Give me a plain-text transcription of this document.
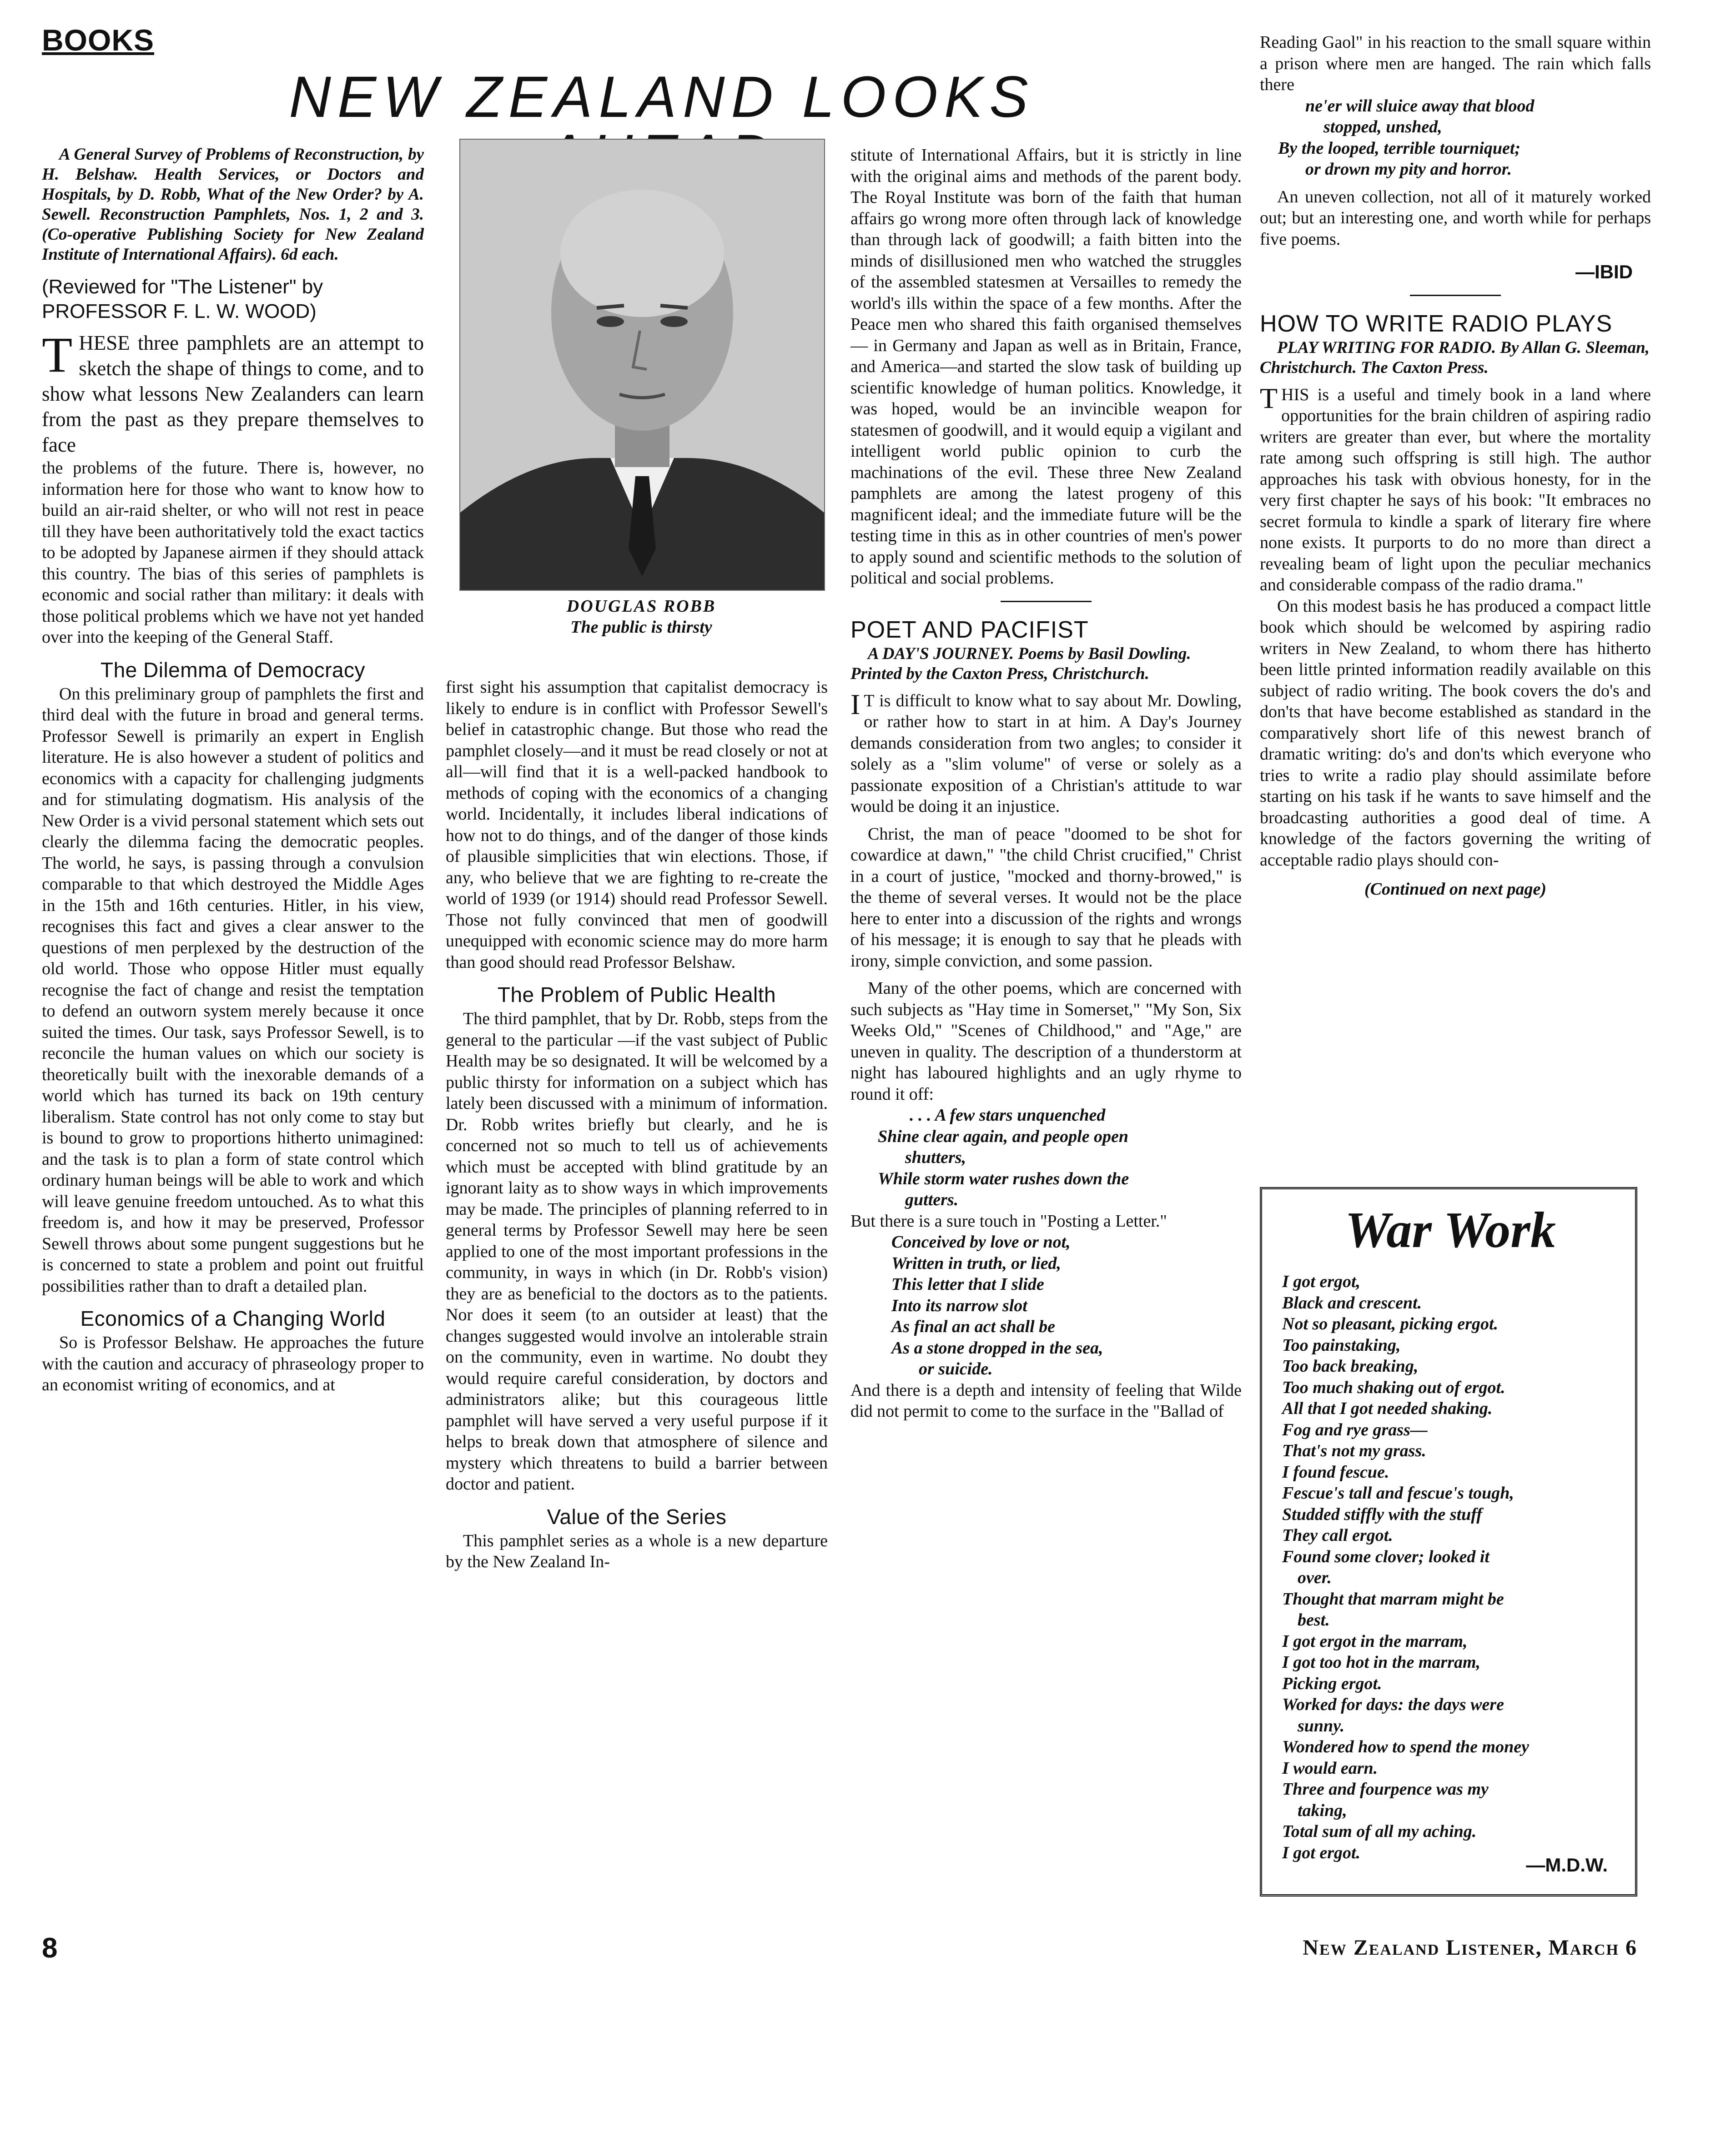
BOOKS
NEW ZEALAND LOOKS

A General Survey of Problems of Reconstruction, by H. Belshaw. Health Services, or Doctors and Hospitals, by D. Robb, What of the New Order? by A. Sewell. Reconstruction Pamphlets, Nos. 1, 2 and 3. (Co-operative Publishing Society for New Zealand Institute of International Affairs). 6d each.

(Reviewed for "The Listener" by PROFESSOR F. L. W. WOOD)

THESE three pamphlets are an attempt to sketch the shape of things to come, and to show what lessons New Zealanders can learn from the past as they prepare themselves to face

the problems of the future. There is, however, no information here for those who want to know how to build an air-raid shelter, or who will not rest in peace till they have been authoritatively told the exact tactics to be adopted by Japanese airmen if they should attack this country. The bias of this series of pamphlets is economic and social rather than military: it deals with those political problems which we have not yet handed over into the keeping of the General Staff.

The Dilemma of Democracy

On this preliminary group of pamphlets the first and third deal with the future in broad and general terms. Professor Sewell is primarily an expert in English literature. He is also however a student of politics and economics with a capacity for challenging judgments and for stimulating dogmatism. His analysis of the New Order is a vivid personal statement which sets out clearly the dilemma facing the democratic peoples. The world, he says, is passing through a convulsion comparable to that which destroyed the Middle Ages in the 15th and 16th centuries. Hitler, in his view, recognises this fact and gives a clear answer to the questions of men perplexed by the destruction of the old world. Those who oppose Hitler must equally recognise the fact of change and resist the temptation to defend an outworn system merely because it once suited the times. Our task, says Professor Sewell, is to reconcile the human values on which our society is theoretically built with the inexorable demands of a world which has turned its back on 19th century liberalism. State control has not only come to stay but is bound to grow to proportions hitherto unimagined: and the task is to plan a form of state control which ordinary human beings will be able to work and which will leave genuine freedom untouched. As to what this freedom is, and how it may be preserved, Professor Sewell throws about some pungent suggestions but he is concerned to state a problem and point out fruitful possibilities rather than to draft a detailed plan.

Economics of a Changing World

So is Professor Belshaw. He approaches the future with the caution and accuracy of phraseology proper to an economist writing of economics, and at

DOUGLAS ROBB
The public is thirsty

first sight his assumption that capitalist democracy is likely to endure is in conflict with Professor Sewell's belief in catastrophic change. But those who read the pamphlet closely—and it must be read closely or not at all—will find that it is a well-packed handbook to methods of coping with the economics of a changing world. Incidentally, it includes liberal indications of how not to do things, and of the danger of those kinds of plausible simplicities that win elections. Those, if any, who believe that we are fighting to re-create the world of 1939 (or 1914) should read Professor Sewell. Those not fully convinced that men of goodwill unequipped with economic science may do more harm than good should read Professor Belshaw.

The Problem of Public Health

The third pamphlet, that by Dr. Robb, steps from the general to the particular —if the vast subject of Public Health may be so designated. It will be welcomed by a public thirsty for information on a subject which has lately been discussed with a minimum of information. Dr. Robb writes briefly but clearly, and he is concerned not so much to tell us of achievements which must be accepted with blind gratitude by an ignorant laity as to show ways in which improvements may be made. The principles of planning referred to in general terms by Professor Sewell may here be seen applied to one of the most important professions in the community, in ways in which (in Dr. Robb's vision) they are as beneficial to the doctors as to the patients. Nor does it seem (to an outsider at least) that the changes suggested would involve an intolerable strain on the community, even in wartime. No doubt they would require careful consideration, by doctors and administrators alike; but this courageous little pamphlet will have served a very useful purpose if it helps to break down that atmosphere of silence and mystery which threatens to build a barrier between doctor and patient.

Value of the Series

This pamphlet series as a whole is a new departure by the New Zealand In-

stitute of International Affairs, but it is strictly in line with the original aims and methods of the parent body. The Royal Institute was born of the faith that human affairs go wrong more often through lack of knowledge than through lack of goodwill; a faith bitten into the minds of disillusioned men who watched the struggles of the assembled statesmen at Versailles to remedy the world's ills within the space of a few months. After the Peace men who shared this faith organised themselves — in Germany and Japan as well as in Britain, France, and America—and started the slow task of building up scientific knowledge of human politics. Knowledge, it was hoped, would be an invincible weapon for statesmen of goodwill, and it would equip a vigilant and intelligent world public opinion to curb the machinations of the evil. These three New Zealand pamphlets are among the latest progeny of this magnificent ideal; and the immediate future will be the testing time in this as in other countries of men's power to apply sound and scientific methods to the solution of political and social problems.

POET AND PACIFIST

A DAY'S JOURNEY. Poems by Basil Dowling. Printed by the Caxton Press, Christchurch.

I T is difficult to know what to say about Mr. Dowling, or rather how to start in at him. A Day's Journey demands consideration from two angles; to consider it solely as a "slim volume" of verse or solely as a passionate exposition of a Christian's attitude to war would be doing it an injustice.

Christ, the man of peace "doomed to be shot for cowardice at dawn," "the child Christ crucified," Christ in a court of justice, "mocked and thorny-browed," is the theme of several verses. It would not be the place here to enter into a discussion of the rights and wrongs of his message; it is enough to say that he pleads with irony, simple conviction, and some passion.

Many of the other poems, which are concerned with such subjects as "Hay time in Somerset," "My Son, Six Weeks Old," "Scenes of Childhood," and "Age," are uneven in quality. The description of a thunderstorm at night has laboured highlights and an ugly rhyme to round it off:

. . . A few stars unquenched
Shine clear again, and people open
shutters,
While storm water rushes down the
gutters.

But there is a sure touch in "Posting a Letter."

Conceived by love or not,
Written in truth, or lied,
This letter that I slide
Into its narrow slot
As final an act shall be
As a stone dropped in the sea,
or suicide.

And there is a depth and intensity of feeling that Wilde did not permit to come to the surface in the "Ballad of

Reading Gaol" in his reaction to the small square within a prison where men are hanged. The rain which falls there

ne'er will sluice away that blood
stopped, unshed,
By the looped, terrible tourniquet;
or drown my pity and horror.

An uneven collection, not all of it maturely worked out; but an interesting one, and worth while for perhaps five poems.

—IBID
HOW TO WRITE RADIO PLAYS

PLAY WRITING FOR RADIO. By Allan G. Sleeman, Christchurch. The Caxton Press.

THIS is a useful and timely book in a land where opportunities for the brain children of aspiring radio writers are greater than ever, but where the mortality rate among such offspring is still high. The author approaches his task with obvious honesty, for in the very first chapter he says of his book: "It embraces no secret formula to kindle a spark of literary fire where none exists. It purports to do no more than direct a revealing beam of light upon the peculiar mechanics and considerable compass of the radio drama."

On this modest basis he has produced a compact little book which should be welcomed by aspiring radio writers in New Zealand, to whom there has hitherto been little printed information readily available on this subject of radio writing. The book covers the do's and don'ts that have become established as standard in the comparatively short life of this newest branch of dramatic writing: do's and don'ts which everyone who tries to write a radio play should assimilate before starting on his task if he wants to save himself and the broadcasting authorities a good deal of time. A knowledge of the factors governing the writing of acceptable radio plays should con-

(Continued on next page)
War Work
I got ergot,
Black and crescent.
Not so pleasant, picking ergot.
Too painstaking,
Too back breaking,
Too much shaking out of ergot.
All that I got needed shaking.
Fog and rye grass—
That's not my grass.
I found fescue.
Fescue's tall and fescue's tough,
Studded stiffly with the stuff
They call ergot.
Found some clover; looked it
over.
Thought that marram might be
best.
I got ergot in the marram,
I got too hot in the marram,
Picking ergot.
Worked for days: the days were
sunny.
Wondered how to spend the money
I would earn.
Three and fourpence was my
taking,
Total sum of all my aching.
I got ergot.
—M.D.W.
8	New Zealand Listener, March 6
